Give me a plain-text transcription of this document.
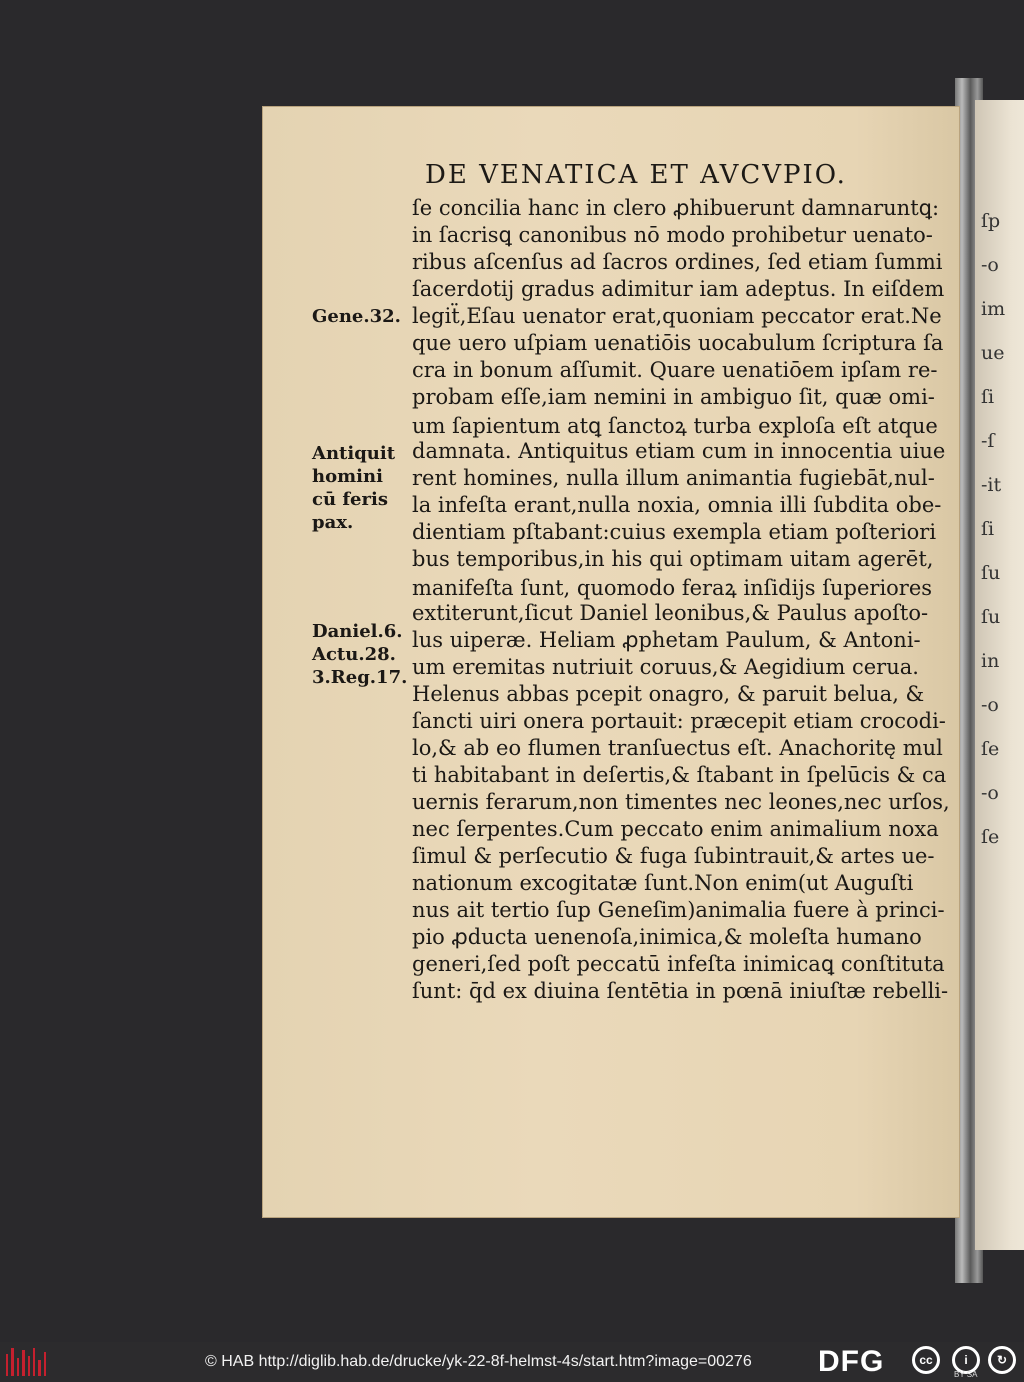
ſp
-o
im
ue
ſi
-ſ
-it
ſi
ſu
ſu
in
-o
ſe
-o
ſe
DE VENATICA ET AVCVPIO.
Gene.32.
Antiquit
homini
cū feris
pax.
Daniel.6.
Actu.28.
3.Reg.17.
ſe concilia hanc in clero ꝓhibuerunt damnaruntꝗ:
in ſacrisꝗ canonibus nō modo prohibetur uenato-
ribus aſcenſus ad ſacros ordines, ſed etiam ſummi
ſacerdotij gradus adimitur iam adeptus. In eiſdem
legiẗ,Eſau uenator erat,quoniam peccator erat.Ne
que uero uſpiam uenatiōis uocabulum ſcriptura ſa
cra in bonum aſſumit. Quare uenatiōem ipſam re-
probam eſſe,iam nemini in ambiguo ſit, quæ omi-
um ſapientum atꝗ ſanctoꝝ turba exploſa eſt atque
damnata. Antiquitus etiam cum in innocentia uiue
rent homines, nulla illum animantia fugiebāt,nul-
la infeſta erant,nulla noxia, omnia illi ſubdita obe-
dientiam pſtabant:cuius exempla etiam poſteriori
bus temporibus,in his qui optimam uitam agerēt,
manifeſta ſunt, quomodo feraꝝ inſidijs ſuperiores
extiterunt,ſicut Daniel leonibus,& Paulus apoſto-
lus uiperæ. Heliam ꝓphetam Paulum, & Antoni-
um eremitas nutriuit coruus,& Aegidium cerua.
Helenus abbas pcepit onagro, & paruit belua, &
ſancti uiri onera portauit: præcepit etiam crocodi-
lo,& ab eo flumen tranſuectus eſt. Anachoritę mul
ti habitabant in deſertis,& ſtabant in ſpelūcis & ca
uernis ferarum,non timentes nec leones,nec urſos,
nec ſerpentes.Cum peccato enim animalium noxa
ſimul & perſecutio & fuga ſubintrauit,& artes ue-
nationum excogitatæ ſunt.Non enim(ut Auguſti
nus ait tertio ſup Geneſim)animalia fuere à princi-
pio ꝓducta uenenoſa,inimica,& moleſta humano
generi,ſed poſt peccatū infeſta inimicaꝗ conſtituta
ſunt: q̄d ex diuina ſentētia in pœnā iniuſtæ rebelli-
© HAB http://diglib.hab.de/drucke/yk-22-8f-helmst-4s/start.htm?image=00276 DFG	cc	i	↻
BY SA
